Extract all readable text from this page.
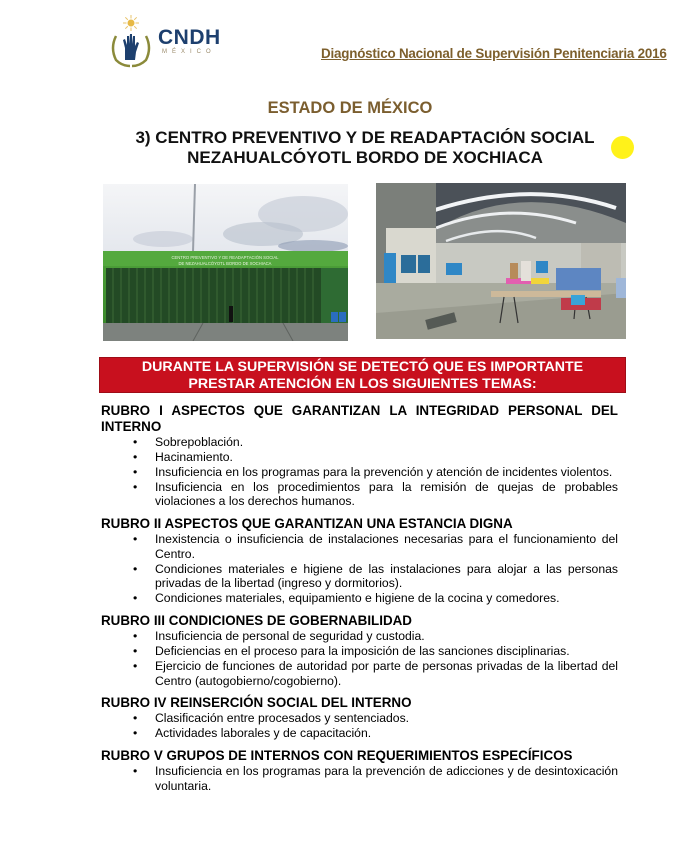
CNDH
MÉXICO	Diagnóstico Nacional de Supervisión Penitenciaria 2016
ESTADO DE MÉXICO
3) CENTRO PREVENTIVO Y DE READAPTACIÓN SOCIAL
NEZAHUALCÓYOTL BORDO DE XOCHIACA
CENTRO PREVENTIVO Y DE READAPTACIÓN SOCIAL
DE NEZAHUALCÓYOTL BORDO DE XOCHIACA
DURANTE LA SUPERVISIÓN SE DETECTÓ QUE ES IMPORTANTE
PRESTAR ATENCIÓN EN LOS SIGUIENTES TEMAS:
RUBRO I ASPECTOS QUE GARANTIZAN LA INTEGRIDAD PERSONAL DEL INTERNO
• Sobrepoblación.
• Hacinamiento.
• Insuficiencia en los programas para la prevención y atención de incidentes violentos.
• Insuficiencia en los procedimientos para la remisión de quejas de probables violaciones a los derechos humanos.
RUBRO II ASPECTOS QUE GARANTIZAN UNA ESTANCIA DIGNA
• Inexistencia o insuficiencia de instalaciones necesarias para el funcionamiento del Centro.
• Condiciones materiales e higiene de las instalaciones para alojar a las personas privadas de la libertad (ingreso y dormitorios).
• Condiciones materiales, equipamiento e higiene de la cocina y comedores.
RUBRO III CONDICIONES DE GOBERNABILIDAD
• Insuficiencia de personal de seguridad y custodia.
• Deficiencias en el proceso para la imposición de las sanciones disciplinarias.
• Ejercicio de funciones de autoridad por parte de personas privadas de la libertad del Centro (autogobierno/cogobierno).
RUBRO IV REINSERCIÓN SOCIAL DEL INTERNO
• Clasificación entre procesados y sentenciados.
• Actividades laborales y de capacitación.
RUBRO V GRUPOS DE INTERNOS CON REQUERIMIENTOS ESPECÍFICOS
• Insuficiencia en los programas para la prevención de adicciones y de desintoxicación voluntaria.
